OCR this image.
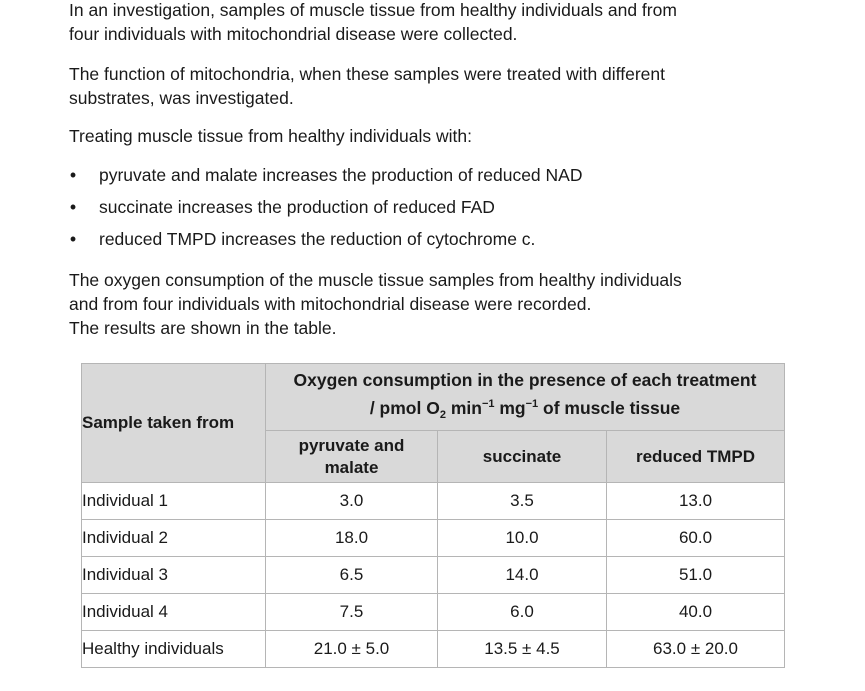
In an investigation, samples of muscle tissue from healthy individuals and from
four individuals with mitochondrial disease were collected.

The function of mitochondria, when these samples were treated with different
substrates, was investigated.

Treating muscle tissue from healthy individuals with:

• pyruvate and malate increases the production of reduced NAD
• succinate increases the production of reduced FAD
• reduced TMPD increases the reduction of cytochrome c.

The oxygen consumption of the muscle tissue samples from healthy individuals
and from four individuals with mitochondrial disease were recorded.
The results are shown in the table.

Sample taken from	Oxygen consumption in the presence of each treatment
/ pmol $O_2$ $\min^{-1} mg^{-1}$ of muscle tissue		
	pyruvate and
malate	succinate	reduced TMPD
Individual 1	3.0	3.5	13.0
Individual 2	18.0	10.0	60.0
Individual 3	6.5	14.0	51.0
Individual 4	7.5	6.0	40.0
Healthy individuals	21.0 ± 5.0	13.5 ± 4.5	63.0 ± 20.0
